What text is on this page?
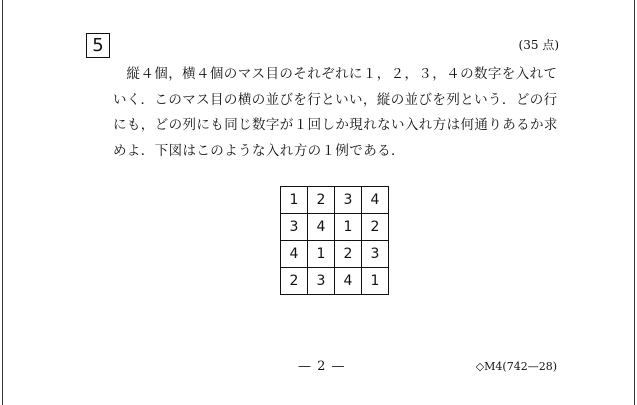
5	(35 点)

縦４個，横４個のマス目のそれぞれに１，２，３，４の数字を入れていく．このマス目の横の並びを行といい，縦の並びを列という．どの行にも，どの列にも同じ数字が１回しか現れない入れ方は何通りあるか求めよ．下図はこのような入れ方の１例である．

1	2	3	4
3	4	1	2
4	1	2	3
2	3	4	1
— 2 —	◇M4(742—28)
